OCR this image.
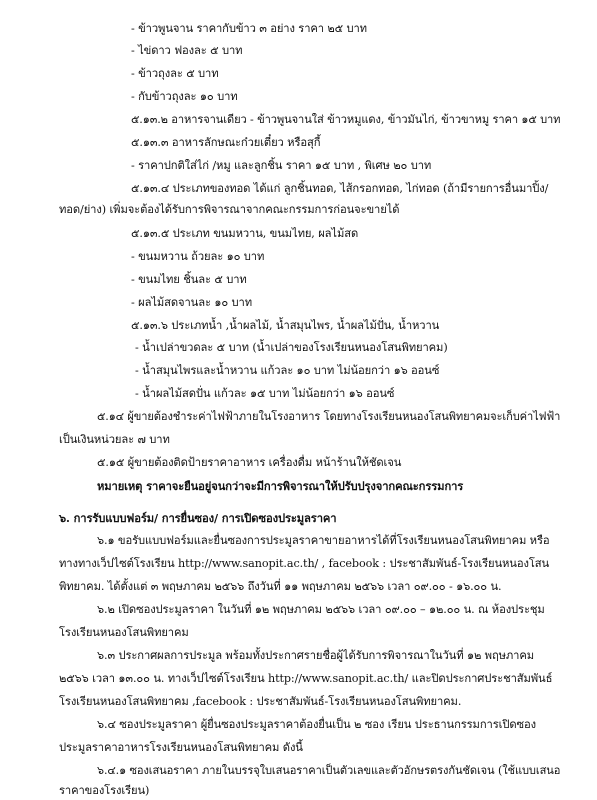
- ข้าวพูนจาน ราคากับข้าว ๓ อย่าง ราคา ๒๕ บาท
- ไข่ดาว ฟองละ ๕ บาท
- ข้าวถุงละ ๕ บาท
- กับข้าวถุงละ ๑๐ บาท
๕.๑๓.๒ อาหารจานเดียว - ข้าวพูนจานใส่ ข้าวหมูแดง, ข้าวมันไก่, ข้าวขาหมู ราคา ๑๕ บาท
๕.๑๓.๓ อาหารลักษณะก๋วยเตี๋ยว หรือสุกี้
- ราคาปกติใส่ไก่ /หมู และลูกชิ้น ราคา ๑๕ บาท , พิเศษ ๒๐ บาท
๕.๑๓.๔ ประเภทของทอด ได้แก่ ลูกชิ้นทอด, ไส้กรอกทอด, ไก่ทอด (ถ้ามีรายการอื่นมาปิ้ง/
ทอด/ย่าง) เพิ่มจะต้องได้รับการพิจารณาจากคณะกรรมการก่อนจะขายได้
๕.๑๓.๕ ประเภท ขนมหวาน, ขนมไทย, ผลไม้สด
- ขนมหวาน ถ้วยละ ๑๐ บาท
- ขนมไทย ชิ้นละ ๕ บาท
- ผลไม้สดจานละ ๑๐ บาท
๕.๑๓.๖ ประเภทน้ำ ,น้ำผลไม้, น้ำสมุนไพร, น้ำผลไม้ปั่น, น้ำหวาน
- น้ำเปล่าขวดละ ๕ บาท (น้ำเปล่าของโรงเรียนหนองโสนพิทยาคม)
- น้ำสมุนไพรและน้ำหวาน แก้วละ ๑๐ บาท ไม่น้อยกว่า ๑๖ ออนซ์
- น้ำผลไม้สดปั่น แก้วละ ๑๕ บาท ไม่น้อยกว่า ๑๖ ออนซ์
๕.๑๔ ผู้ขายต้องชำระค่าไฟฟ้าภายในโรงอาหาร โดยทางโรงเรียนหนองโสนพิทยาคมจะเก็บค่าไฟฟ้า
เป็นเงินหน่วยละ ๗ บาท
๕.๑๕ ผู้ขายต้องติดป้ายราคาอาหาร เครื่องดื่ม หน้าร้านให้ชัดเจน
หมายเหตุ ราคาจะยืนอยู่จนกว่าจะมีการพิจารณาให้ปรับปรุงจากคณะกรรมการ
๖. การรับแบบฟอร์ม/ การยื่นซอง/ การเปิดซองประมูลราคา
๖.๑ ขอรับแบบฟอร์มและยื่นซองการประมูลราคาขายอาหารได้ที่โรงเรียนหนองโสนพิทยาคม หรือ
ทางทางเว็ปไซต์โรงเรียน http://www.sanopit.ac.th/ , facebook : ประชาสัมพันธ์-โรงเรียนหนองโสน
พิทยาคม. ได้ตั้งแต่ ๓ พฤษภาคม ๒๕๖๖ ถึงวันที่ ๑๑ พฤษภาคม ๒๕๖๖ เวลา ๐๙.๐๐ - ๑๖.๐๐ น.
๖.๒ เปิดซองประมูลราคา ในวันที่ ๑๒ พฤษภาคม ๒๕๖๖ เวลา ๐๙.๐๐ – ๑๒.๐๐ น. ณ ห้องประชุม
โรงเรียนหนองโสนพิทยาคม
๖.๓ ประกาศผลการประมูล พร้อมทั้งประกาศรายชื่อผู้ได้รับการพิจารณาในวันที่ ๑๒ พฤษภาคม
๒๕๖๖ เวลา ๑๓.๐๐ น. ทางเว็ปไซต์โรงเรียน http://www.sanopit.ac.th/ และปิดประกาศประชาสัมพันธ์
โรงเรียนหนองโสนพิทยาคม ,facebook : ประชาสัมพันธ์-โรงเรียนหนองโสนพิทยาคม.
๖.๔ ซองประมูลราคา ผู้ยื่นซองประมูลราคาต้องยื่นเป็น ๒ ซอง เรียน ประธานกรรมการเปิดซอง
ประมูลราคาอาหารโรงเรียนหนองโสนพิทยาคม ดังนี้
๖.๔.๑ ซองเสนอราคา ภายในบรรจุใบเสนอราคาเป็นตัวเลขและตัวอักษรตรงกันชัดเจน (ใช้แบบเสนอ
ราคาของโรงเรียน)
